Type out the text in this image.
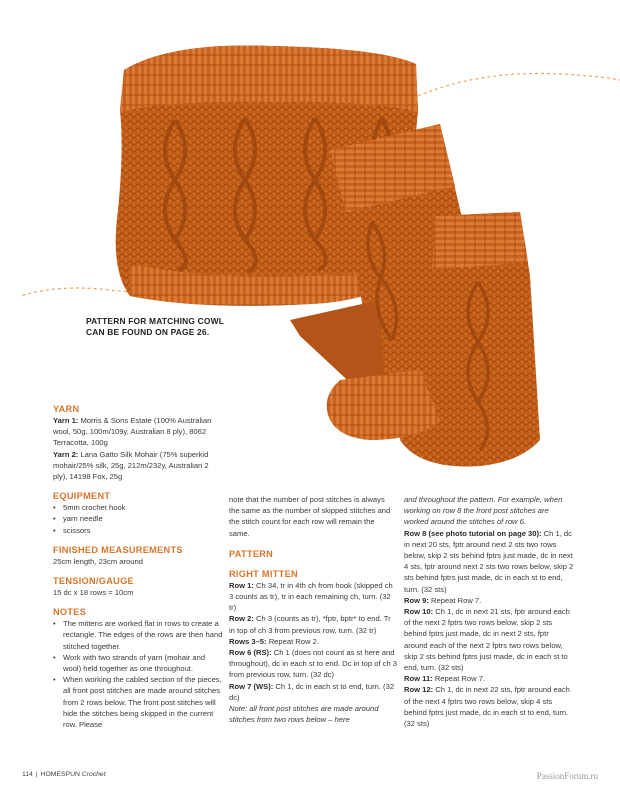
PATTERN FOR MATCHING COWL
CAN BE FOUND ON PAGE 26.

YARN

Yarn 1: Morris & Sons Estate (100% Australian wool, 50g, 100m/109y, Australian 8 ply), 8062 Terracotta, 100g

Yarn 2: Lana Gatto Silk Mohair (75% superkid mohair/25% silk, 25g, 212m/232y, Australian 2 ply), 14198 Fox, 25g

EQUIPMENT

• 5mm crochet hook
• yarn needle
• scissors

FINISHED MEASUREMENTS

25cm length, 23cm around

TENSION/GAUGE

15 dc x 18 rows = 10cm

NOTES

• The mittens are worked flat in rows to create a rectangle. The edges of the rows are then hand stitched together.
• Work with two strands of yarn (mohair and wool) held together as one throughout.
• When working the cabled section of the pieces, all front post stitches are made around stitches from 2 rows below. The front post stitches will hide the stitches being skipped in the current row. Please

note that the number of post stitches is always the same as the number of skipped stitches and the stitch count for each row will remain the same.

PATTERN

RIGHT MITTEN

Row 1: Ch 34, tr in 4th ch from hook (skipped ch 3 counts as tr), tr in each remaining ch, turn. (32 tr)

Row 2: Ch 3 (counts as tr), *fptr, bptr* to end. Tr in top of ch 3 from previous row, turn. (32 tr)

Rows 3–5: Repeat Row 2.

Row 6 (RS): Ch 1 (does not count as st here and throughout), dc in each st to end. Dc in top of ch 3 from previous row, turn. (32 dc)

Row 7 (WS): Ch 1, dc in each st to end, turn. (32 dc)

Note: all front post stitches are made around stitches from two rows below – here

and throughout the pattern. For example, when working on row 8 the front post stitches are worked around the stitches of row 6.

Row 8 (see photo tutorial on page 30): Ch 1, dc in next 20 sts, fptr around next 2 sts two rows below, skip 2 sts behind fptrs just made, dc in next 4 sts, fptr around next 2 sts two rows below, skip 2 sts behind fptrs just made, dc in each st to end, turn. (32 sts)

Row 9: Repeat Row 7.

Row 10: Ch 1, dc in next 21 sts, fptr around each of the next 2 fptrs two rows below, skip 2 sts behind fptrs just made, dc in next 2 sts, fptr around each of the next 2 fptrs two rows below, skip 2 sts behind fptrs just made, dc in each st to end, turn. (32 sts)

Row 11: Repeat Row 7.

Row 12: Ch 1, dc in next 22 sts, fptr around each of the next 4 fptrs two rows below, skip 4 sts behind fptrs just made, dc in each st to end, turn. (32 sts)

114 | HOMESPUN Crochet	PassionForum.ru
